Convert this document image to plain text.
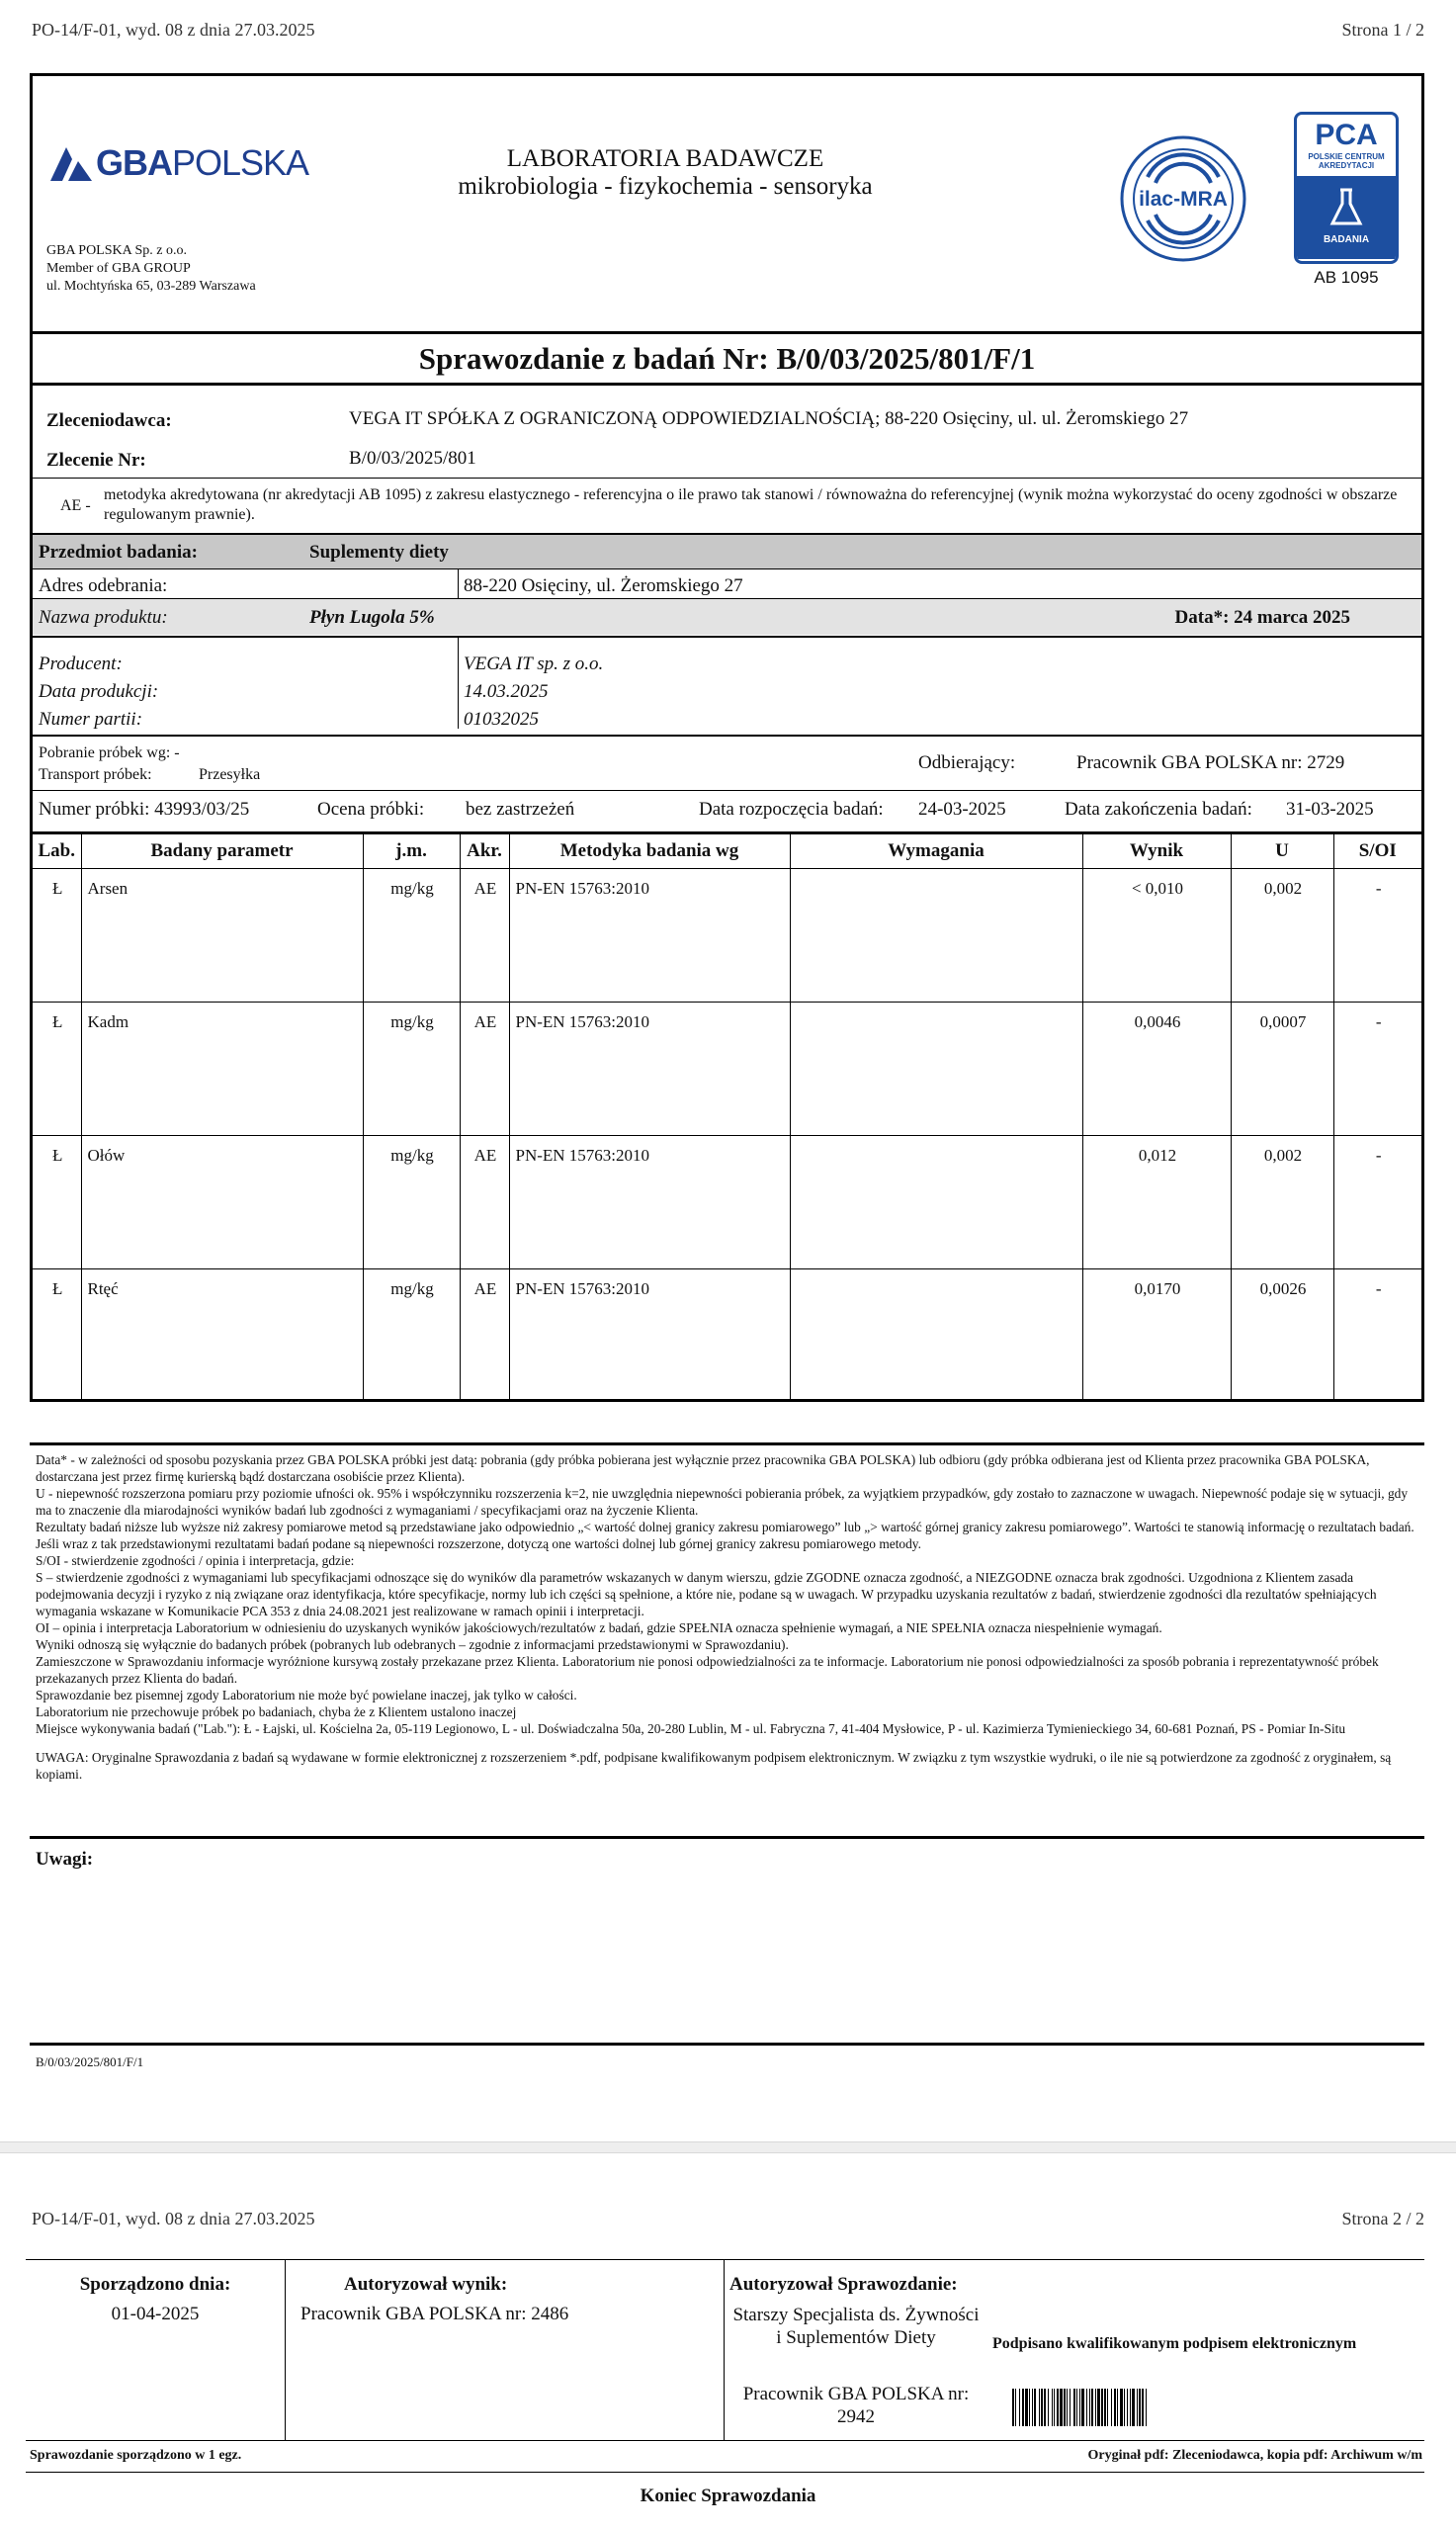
PO-14/F-01, wyd. 08 z dnia 27.03.2025	Strona 1 / 2
GBA POLSKA
GBA POLSKA Sp. z o.o.
Member of GBA GROUP
ul. Mochtyńska 65, 03-289 Warszawa
LABORATORIA BADAWCZE
mikrobiologia - fizykochemia - sensoryka	ilac-MRA
PCA
POLSKIE CENTRUM
AKREDYTACJI
BADANIA
AB 1095
Sprawozdanie z badań Nr: B/0/03/2025/801/F/1
Zleceniodawca:	VEGA IT SPÓŁKA Z OGRANICZONĄ ODPOWIEDZIALNOŚCIĄ; 88-220 Osięciny, ul. ul. Żeromskiego 27
Zlecenie Nr:	B/0/03/2025/801
AE -
metodyka akredytowana (nr akredytacji AB 1095) z zakresu elastycznego - referencyjna o ile prawo tak stanowi / równoważna do referencyjnej (wynik można wykorzystać do oceny zgodności w obszarze regulowanym prawnie).
Przedmiot badania:	Suplementy diety
Adres odebrania:	88-220 Osięciny, ul. Żeromskiego 27
Nazwa produktu:	Płyn Lugola 5%	Data*: 24 marca 2025
Producent:	VEGA IT sp. z o.o.
Data produkcji:	14.03.2025
Numer partii:	01032025
Pobranie próbek wg: -
Transport próbek:	Przesyłka
Odbierający:	Pracownik GBA POLSKA nr: 2729
Numer próbki: 43993/03/25	Ocena próbki: bez zastrzeżeń	Data rozpoczęcia badań: 24-03-2025	Data zakończenia badań: 31-03-2025
Lab.	Badany parametr	j.m.	Akr.	Metodyka badania wg	Wymagania	Wynik	U	S/OI
Ł	Arsen	mg/kg	AE	PN-EN 15763:2010		< 0,010	0,002	-
Ł	Kadm	mg/kg	AE	PN-EN 15763:2010		0,0046	0,0007	-
Ł	Ołów	mg/kg	AE	PN-EN 15763:2010		0,012	0,002	-
Ł	Rtęć	mg/kg	AE	PN-EN 15763:2010		0,0170	0,0026	-
Data* - w zależności od sposobu pozyskania przez GBA POLSKA próbki jest datą: pobrania (gdy próbka pobierana jest wyłącznie przez pracownika GBA POLSKA) lub odbioru (gdy próbka odbierana jest od Klienta przez pracownika GBA POLSKA, dostarczana jest przez firmę kurierską bądź dostarczana osobiście przez Klienta).
U - niepewność rozszerzona pomiaru przy poziomie ufności ok. 95% i współczynniku rozszerzenia k=2, nie uwzględnia niepewności pobierania próbek, za wyjątkiem przypadków, gdy zostało to zaznaczone w uwagach. Niepewność podaje się w sytuacji, gdy ma to znaczenie dla miarodajności wyników badań lub zgodności z wymaganiami / specyfikacjami oraz na życzenie Klienta.
Rezultaty badań niższe lub wyższe niż zakresy pomiarowe metod są przedstawiane jako odpowiednio „< wartość dolnej granicy zakresu pomiarowego” lub „> wartość górnej granicy zakresu pomiarowego”. Wartości te stanowią informację o rezultatach badań. Jeśli wraz z tak przedstawionymi rezultatami badań podane są niepewności rozszerzone, dotyczą one wartości dolnej lub górnej granicy zakresu pomiarowego metody.
S/OI - stwierdzenie zgodności / opinia i interpretacja, gdzie:
S – stwierdzenie zgodności z wymaganiami lub specyfikacjami odnoszące się do wyników dla parametrów wskazanych w danym wierszu, gdzie ZGODNE oznacza zgodność, a NIEZGODNE oznacza brak zgodności. Uzgodniona z Klientem zasada podejmowania decyzji i ryzyko z nią związane oraz identyfikacja, które specyfikacje, normy lub ich części są spełnione, a które nie, podane są w uwagach. W przypadku uzyskania rezultatów z badań, stwierdzenie zgodności dla rezultatów spełniających wymagania wskazane w Komunikacie PCA 353 z dnia 24.08.2021 jest realizowane w ramach opinii i interpretacji.
OI – opinia i interpretacja Laboratorium w odniesieniu do uzyskanych wyników jakościowych/rezultatów z badań, gdzie SPEŁNIA oznacza spełnienie wymagań, a NIE SPEŁNIA oznacza niespełnienie wymagań.
Wyniki odnoszą się wyłącznie do badanych próbek (pobranych lub odebranych – zgodnie z informacjami przedstawionymi w Sprawozdaniu).
Zamieszczone w Sprawozdaniu informacje wyróżnione kursywą zostały przekazane przez Klienta. Laboratorium nie ponosi odpowiedzialności za te informacje. Laboratorium nie ponosi odpowiedzialności za sposób pobrania i reprezentatywność próbek przekazanych przez Klienta do badań.
Sprawozdanie bez pisemnej zgody Laboratorium nie może być powielane inaczej, jak tylko w całości.
Laboratorium nie przechowuje próbek po badaniach, chyba że z Klientem ustalono inaczej
Miejsce wykonywania badań ("Lab."): Ł - Łajski, ul. Kościelna 2a, 05-119 Legionowo, L - ul. Doświadczalna 50a, 20-280 Lublin, M - ul. Fabryczna 7, 41-404 Mysłowice, P - ul. Kazimierza Tymienieckiego 34, 60-681 Poznań, PS - Pomiar In-Situ
UWAGA: Oryginalne Sprawozdania z badań są wydawane w formie elektronicznej z rozszerzeniem *.pdf, podpisane kwalifikowanym podpisem elektronicznym. W związku z tym wszystkie wydruki, o ile nie są potwierdzone za zgodność z oryginałem, są kopiami.
Uwagi:
B/0/03/2025/801/F/1
PO-14/F-01, wyd. 08 z dnia 27.03.2025	Strona 2 / 2
Sporządzono dnia:
01-04-2025
Autoryzował wynik:
Pracownik GBA POLSKA nr: 2486
Autoryzował Sprawozdanie:
Starszy Specjalista ds. Żywności i Suplementów Diety
Pracownik GBA POLSKA nr: 2942
Podpisano kwalifikowanym podpisem elektronicznym
Sprawozdanie sporządzono w 1 egz.	Oryginał pdf: Zleceniodawca, kopia pdf: Archiwum w/m
Koniec Sprawozdania
